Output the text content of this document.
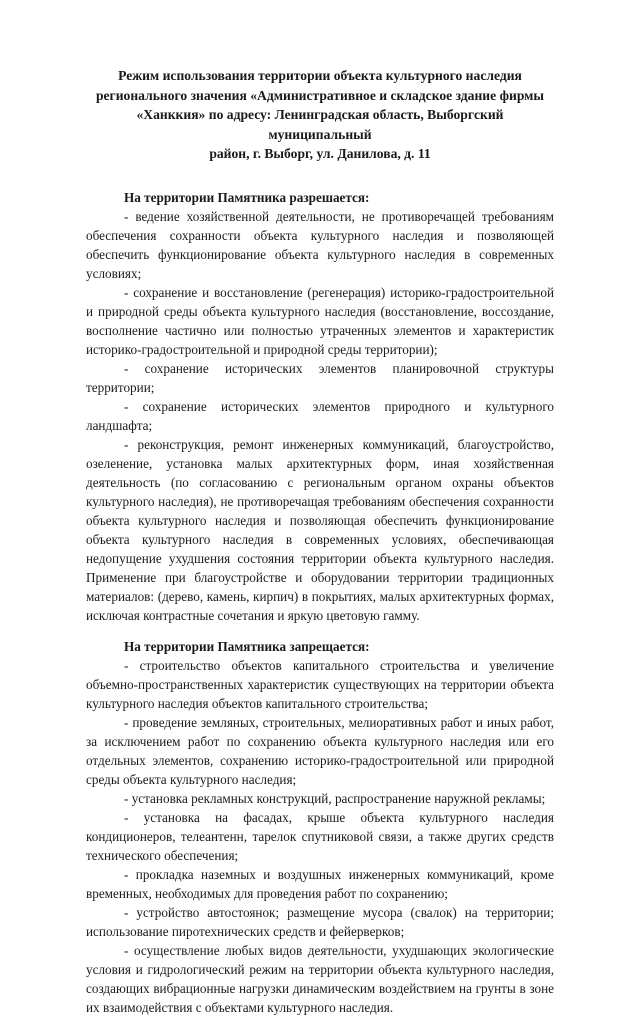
Режим использования территории объекта культурного наследия
регионального значения «Административное и складское здание фирмы
«Ханккия» по адресу: Ленинградская область, Выборгский муниципальный
район, г. Выборг, ул. Данилова, д. 11

На территории Памятника разрешается:

- ведение хозяйственной деятельности, не противоречащей требованиям обеспечения сохранности объекта культурного наследия и позволяющей обеспечить функционирование объекта культурного наследия в современных условиях;

- сохранение и восстановление (регенерация) историко-градостроительной и природной среды объекта культурного наследия (восстановление, воссоздание, восполнение частично или полностью утраченных элементов и характеристик историко-градостроительной и природной среды территории);

- сохранение исторических элементов планировочной структуры территории;

- сохранение исторических элементов природного и культурного ландшафта;

- реконструкция, ремонт инженерных коммуникаций, благоустройство, озеленение, установка малых архитектурных форм, иная хозяйственная деятельность (по согласованию с региональным органом охраны объектов культурного наследия), не противоречащая требованиям обеспечения сохранности объекта культурного наследия и позволяющая обеспечить функционирование объекта культурного наследия в современных условиях, обеспечивающая недопущение ухудшения состояния территории объекта культурного наследия. Применение при благоустройстве и оборудовании территории традиционных материалов: (дерево, камень, кирпич) в покрытиях, малых архитектурных формах, исключая контрастные сочетания и яркую цветовую гамму.

На территории Памятника запрещается:

- строительство объектов капитального строительства и увеличение объемно-пространственных характеристик существующих на территории объекта культурного наследия объектов капитального строительства;

- проведение земляных, строительных, мелиоративных работ и иных работ, за исключением работ по сохранению объекта культурного наследия или его отдельных элементов, сохранению историко-градостроительной или природной среды объекта культурного наследия;

- установка рекламных конструкций, распространение наружной рекламы;

- установка на фасадах, крыше объекта культурного наследия кондиционеров, телеантенн, тарелок спутниковой связи, а также других средств технического обеспечения;

- прокладка наземных и воздушных инженерных коммуникаций, кроме временных, необходимых для проведения работ по сохранению;

- устройство автостоянок; размещение мусора (свалок) на территории; использование пиротехнических средств и фейерверков;

- осуществление любых видов деятельности, ухудшающих экологические условия и гидрологический режим на территории объекта культурного наследия, создающих вибрационные нагрузки динамическим воздействием на грунты в зоне их взаимодействия с объектами культурного наследия.
